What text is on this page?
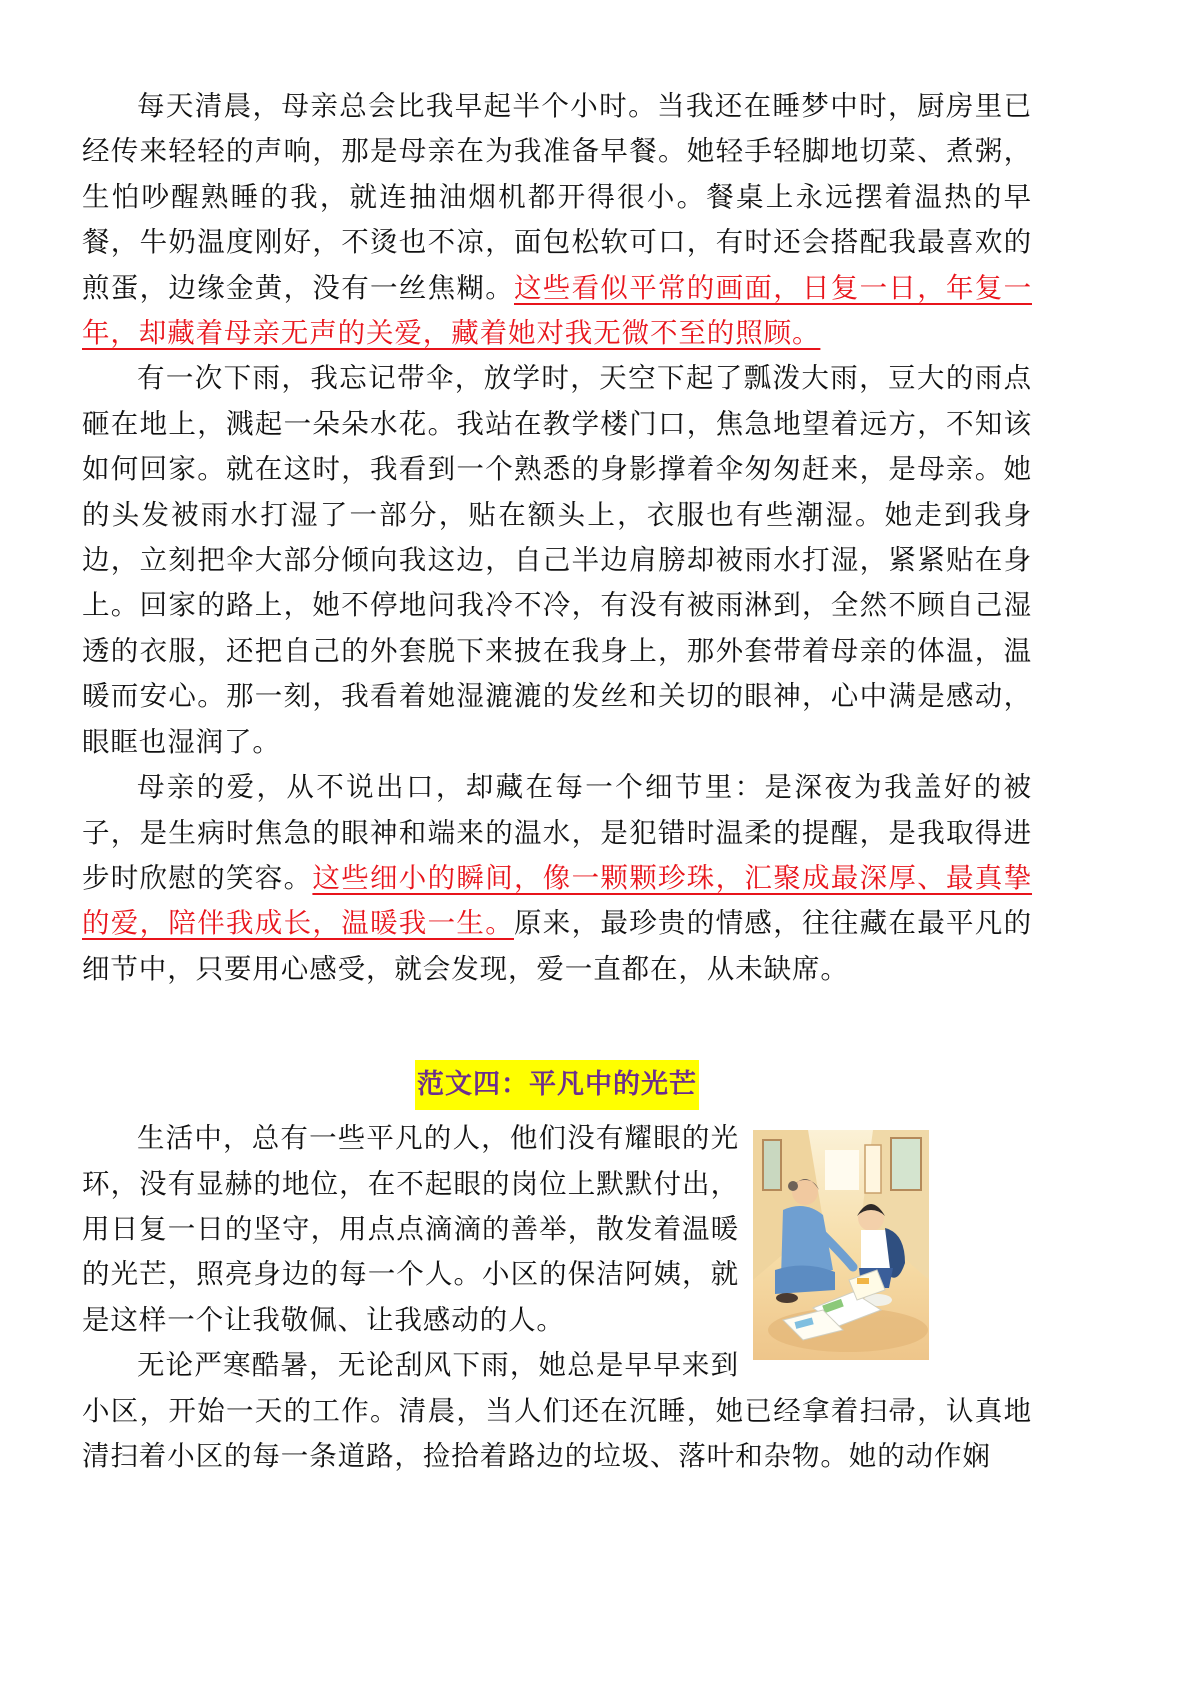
每天清晨，母亲总会比我早起半个小时。当我还在睡梦中时，厨房里已经传来轻轻的声响，那是母亲在为我准备早餐。她轻手轻脚地切菜、煮粥，生怕吵醒熟睡的我，就连抽油烟机都开得很小。餐桌上永远摆着温热的早餐，牛奶温度刚好，不烫也不凉，面包松软可口，有时还会搭配我最喜欢的煎蛋，边缘金黄，没有一丝焦糊。这些看似平常的画面，日复一日，年复一年，却藏着母亲无声的关爱，藏着她对我无微不至的照顾。

有一次下雨，我忘记带伞，放学时，天空下起了瓢泼大雨，豆大的雨点砸在地上，溅起一朵朵水花。我站在教学楼门口，焦急地望着远方，不知该如何回家。就在这时，我看到一个熟悉的身影撑着伞匆匆赶来，是母亲。她的头发被雨水打湿了一部分，贴在额头上，衣服也有些潮湿。她走到我身边，立刻把伞大部分倾向我这边，自己半边肩膀却被雨水打湿，紧紧贴在身上。回家的路上，她不停地问我冷不冷，有没有被雨淋到，全然不顾自己湿透的衣服，还把自己的外套脱下来披在我身上，那外套带着母亲的体温，温暖而安心。那一刻，我看着她湿漉漉的发丝和关切的眼神，心中满是感动，眼眶也湿润了。

母亲的爱，从不说出口，却藏在每一个细节里：是深夜为我盖好的被子，是生病时焦急的眼神和端来的温水，是犯错时温柔的提醒，是我取得进步时欣慰的笑容。这些细小的瞬间，像一颗颗珍珠，汇聚成最深厚、最真挚的爱，陪伴我成长，温暖我一生。原来，最珍贵的情感，往往藏在最平凡的细节中，只要用心感受，就会发现，爱一直都在，从未缺席。

范文四：平凡中的光芒

生活中，总有一些平凡的人，他们没有耀眼的光环，没有显赫的地位，在不起眼的岗位上默默付出，用日复一日的坚守，用点点滴滴的善举，散发着温暖的光芒，照亮身边的每一个人。小区的保洁阿姨，就是这样一个让我敬佩、让我感动的人。

无论严寒酷暑，无论刮风下雨，她总是早早来到小区，开始一天的工作。清晨，当人们还在沉睡，她已经拿着扫帚，认真地清扫着小区的每一条道路，捡拾着路边的垃圾、落叶和杂物。她的动作娴
